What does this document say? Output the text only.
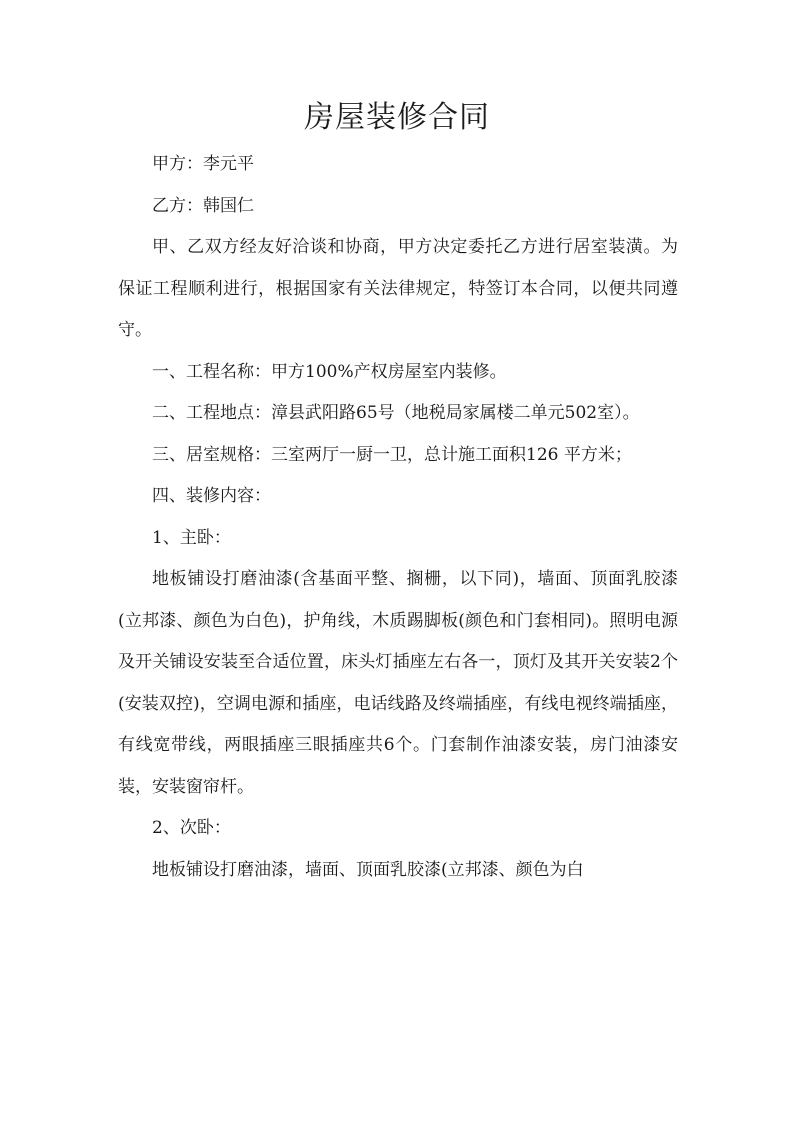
房屋装修合同

甲方：李元平

乙方：韩国仁

甲、乙双方经友好洽谈和协商，甲方决定委托乙方进行居室装潢。为保证工程顺利进行，根据国家有关法律规定，特签订本合同，以便共同遵守。

一、工程名称：甲方100%产权房屋室内装修。

二、工程地点：漳县武阳路65号（地税局家属楼二单元502室）。

三、居室规格：三室两厅一厨一卫，总计施工面积126 平方米；

四、装修内容：

1、主卧：

地板铺设打磨油漆(含基面平整、搁栅，以下同)，墙面、顶面乳胶漆(立邦漆、颜色为白色)，护角线，木质踢脚板(颜色和门套相同)。照明电源及开关铺设安装至合适位置，床头灯插座左右各一，顶灯及其开关安装2个(安装双控)，空调电源和插座，电话线路及终端插座，有线电视终端插座，有线宽带线，两眼插座三眼插座共6个。门套制作油漆安装，房门油漆安装，安装窗帘杆。

2、次卧：

地板铺设打磨油漆，墙面、顶面乳胶漆(立邦漆、颜色为白
